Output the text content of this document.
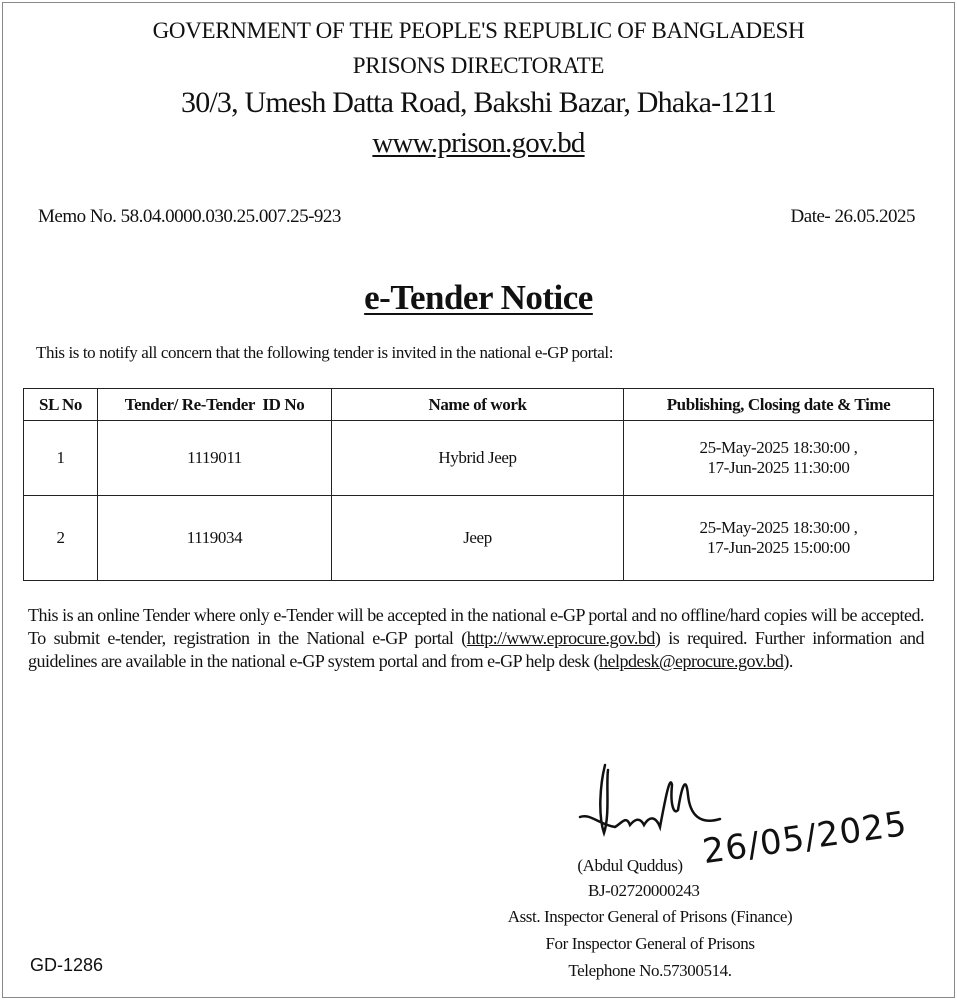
GOVERNMENT OF THE PEOPLE'S REPUBLIC OF BANGLADESH
PRISONS DIRECTORATE
30/3, Umesh Datta Road, Bakshi Bazar, Dhaka-1211
www.prison.gov.bd
Memo No. 58.04.0000.030.25.007.25-923	Date- 26.05.2025
e-Tender Notice
This is to notify all concern that the following tender is invited in the national e-GP portal:
SL No	Tender/ Re-Tender  ID No	Name of work	Publishing, Closing date & Time
1	1119011	Hybrid Jeep	25-May-2025 18:30:00 ,
17-Jun-2025 11:30:00

2	1119034	Jeep	25-May-2025 18:30:00 ,
17-Jun-2025 15:00:00
This is an online Tender where only e-Tender will be accepted in the national e-GP portal and no offline/hard copies will be accepted. To submit e-tender, registration in the National e-GP portal (http://www.eprocure.gov.bd) is required. Further information and guidelines are available in the national e-GP system portal and from e-GP help desk (helpdesk@eprocure.gov.bd).
26/05/2025
(Abdul Quddus)
BJ-02720000243
Asst. Inspector General of Prisons (Finance)
For Inspector General of Prisons
Telephone No.57300514.
GD-1286
